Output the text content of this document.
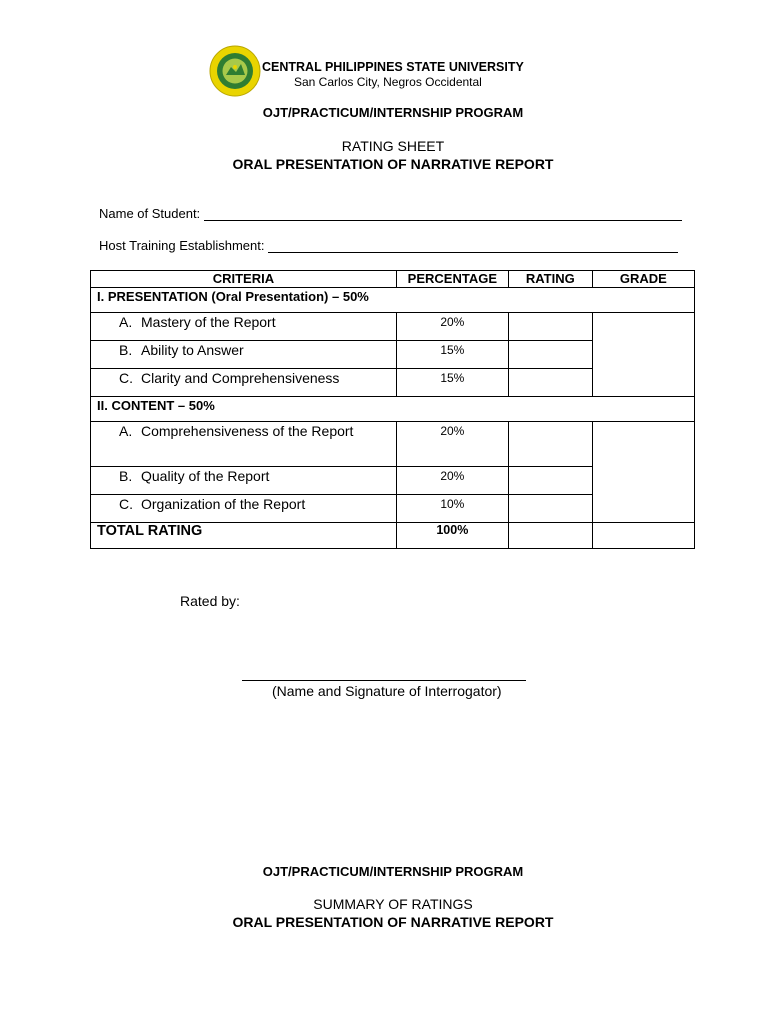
CENTRAL PHILIPPINES STATE UNIVERSITY
San Carlos City, Negros Occidental
OJT/PRACTICUM/INTERNSHIP PROGRAM
RATING SHEET
ORAL PRESENTATION OF NARRATIVE REPORT
Name of Student:
Host Training Establishment:
CRITERIA	PERCENTAGE	RATING	GRADE
I. PRESENTATION (Oral Presentation) – 50%			
A. Mastery of the Report	20%		
B. Ability to Answer	15%		
C. Clarity and Comprehensiveness	15%		
II. CONTENT – 50%			

A. Comprehensiveness of the Report	20%		
B. Quality of the Report	20%		
C. Organization of the Report	10%		
TOTAL RATING	100%		
Rated by:
(Name and Signature of Interrogator)
OJT/PRACTICUM/INTERNSHIP PROGRAM
SUMMARY OF RATINGS
ORAL PRESENTATION OF NARRATIVE REPORT
